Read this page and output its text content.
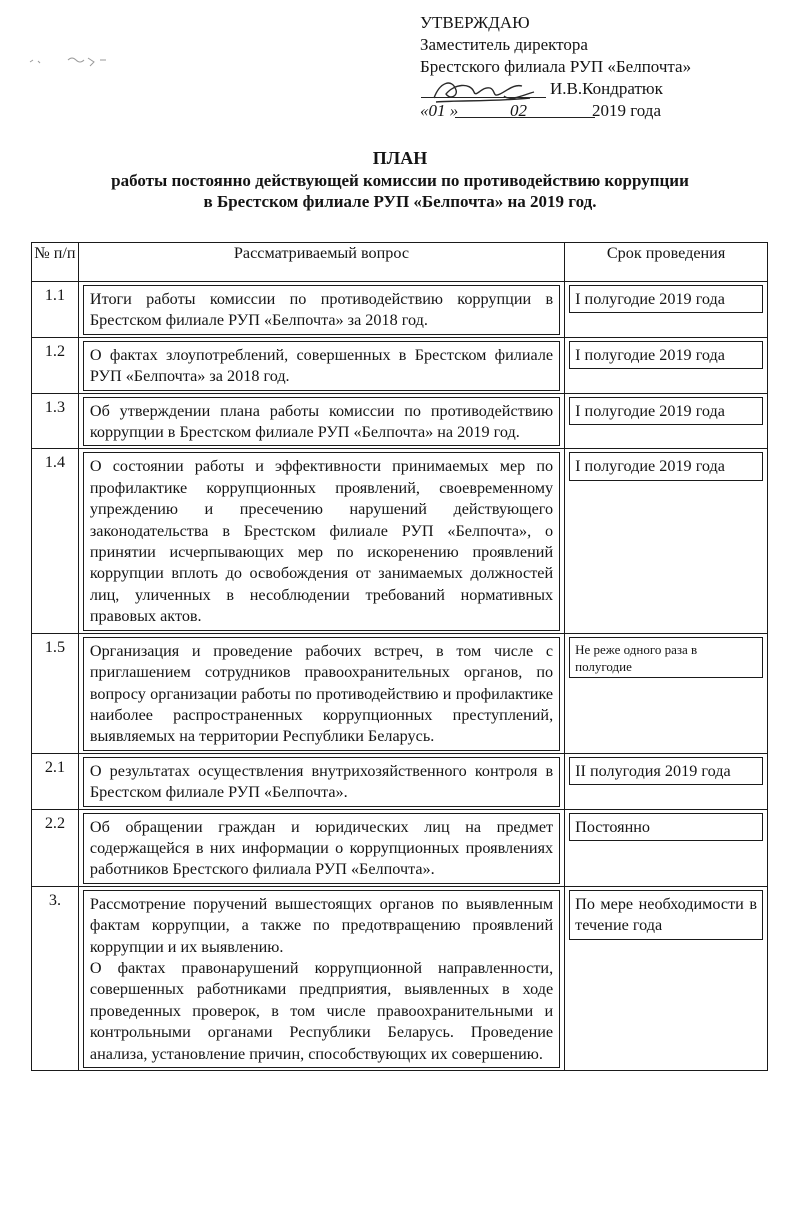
УТВЕРЖДАЮ
Заместитель директора
Брестского филиала РУП «Белпочта»
И.В.Кондратюк
«01 »	02	2019 года
ПЛАН
работы постоянно действующей комиссии по противодействию коррупции
в Брестском филиале РУП «Белпочта» на 2019 год.
№ п/п	Рассматриваемый вопрос	Срок проведения

1.1	Итоги работы комиссии по противодействию коррупции в Брестском филиале РУП «Белпочта» за 2018 год.	I полугодие 2019 года

1.2	О фактах злоупотреблений, совершенных в Брестском филиале РУП «Белпочта» за 2018 год.	I полугодие 2019 года

1.3	Об утверждении плана работы комиссии по противодействию коррупции в Брестском филиале РУП «Белпочта» на 2019 год.	I полугодие 2019 года

1.4	О состоянии работы и эффективности принимаемых мер по профилактике коррупционных проявлений, своевременному упреждению и пресечению нарушений действующего законодательства в Брестском филиале РУП «Белпочта», о принятии исчерпывающих мер по искоренению проявлений коррупции вплоть до освобождения от занимаемых должностей лиц, уличенных в несоблюдении требований нормативных правовых актов.	I полугодие 2019 года

1.5	Организация и проведение рабочих встреч, в том числе с приглашением сотрудников правоохранительных органов, по вопросу организации работы по противодействию и профилактике наиболее распространенных коррупционных преступлений, выявляемых на территории Республики Беларусь.	Не реже одного раза в полугодие

2.1	О результатах осуществления внутрихозяйственного контроля в Брестском филиале РУП «Белпочта».	II полугодия 2019 года

2.2	Об обращении граждан и юридических лиц на предмет содержащейся в них информации о коррупционных проявлениях работников Брестского филиала РУП «Белпочта».	Постоянно

3.	Рассмотрение поручений вышестоящих органов по выявленным фактам коррупции, а также по предотвращению проявлений коррупции и их выявлению.

О фактах правонарушений коррупционной направленности, совершенных работниками предприятия, выявленных в ходе проведенных проверок, в том числе правоохранительными и контрольными органами Республики Беларусь. Проведение анализа, установление причин, способствующих их совершению.	По мере необходимости в течение года
